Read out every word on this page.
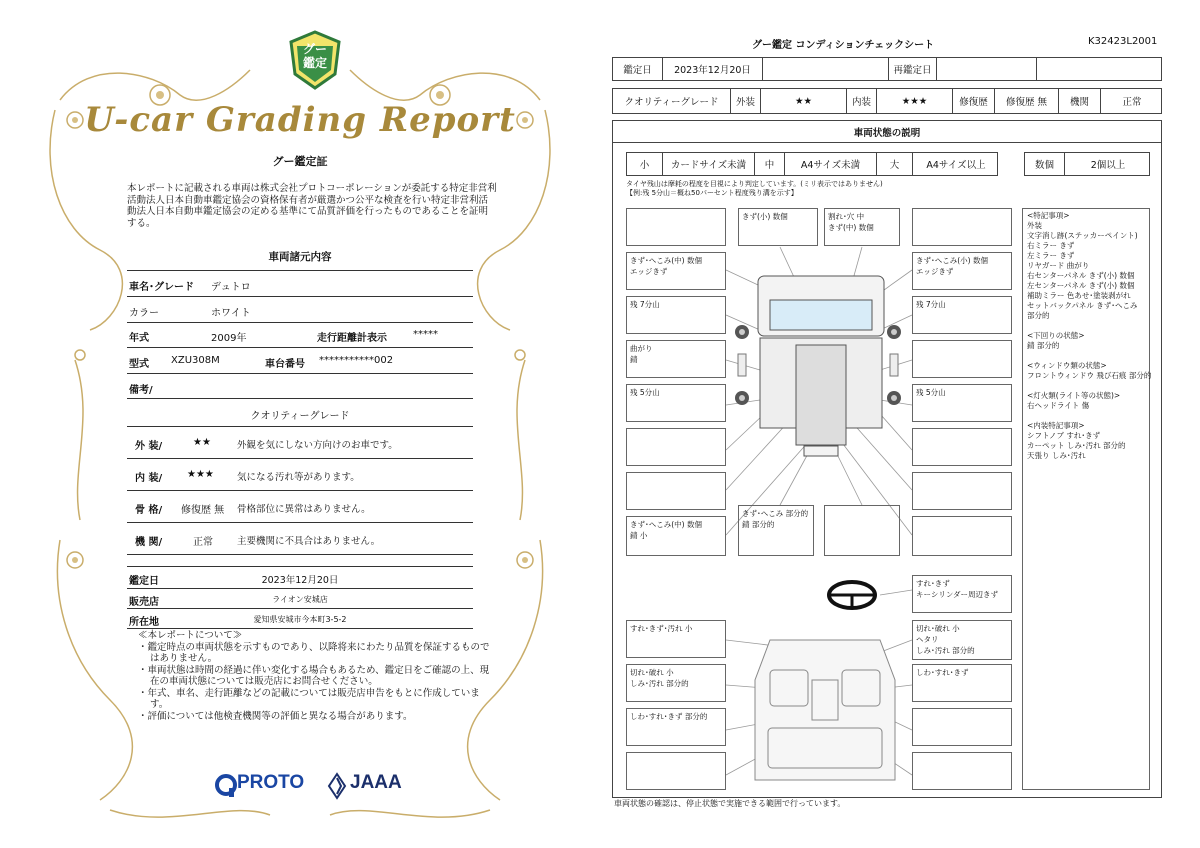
グー
鑑定
U-car Grading Report
グー鑑定証
本レポートに記載される車両は株式会社プロトコーポレーションが委託する特定非営利活動法人日本自動車鑑定協会の資格保有者が厳選かつ公平な検査を行い特定非営利活動法人日本自動車鑑定協会の定める基準にて品質評価を行ったものであることを証明する。
車両諸元内容
車名･グレード デュトロ
カラー	ホワイト
年式	2009年	走行距離計表示	*****
型式 XZU308M	車台番号 ***********002
備考/
クオリティーグレード
外 装/	★★	外観を気にしない方向けのお車です。
内 装/ ★★★ 気になる汚れ等があります。
骨 格/ 修復歴 無 骨格部位に異常はありません。
機 関/	正常	主要機関に不具合はありません。
鑑定日	2023年12月20日
販売店	ライオン安城店
所在地	愛知県安城市今本町3-5-2
≪本レポートについて≫
・鑑定時点の車両状態を示すものであり、以降将来にわたり品質を保証するものではありません。
・車両状態は時間の経過に伴い変化する場合もあるため、鑑定日をご確認の上、現在の車両状態については販売店にお問合せください。
・年式、車名、走行距離などの記載については販売店申告をもとに作成しています。
・評価については他検査機関等の評価と異なる場合があります。
PROTO JAAA
グー鑑定 コンディションチェックシート	K32423L2001
鑑定日	2023年12月20日	再鑑定日
クオリティーグレード	外装	★★	内装	★★★	修復歴	修復歴 無	機関	正常
車両状態の説明
小	カードサイズ未満	中	A4サイズ未満	大	A4サイズ以上	数個	2個以上
タイヤ残山は摩耗の程度を目視により判定しています。(ミリ表示ではありません)
【例:残 5分山＝概ね50パーセント程度残り溝を示す】
きず(小) 数個	割れ･穴 中
きず(中) 数個
きず･へこみ(中) 数個
エッジきず
きず･へこみ(小) 数個
エッジきず
残 7分山	残 7分山
曲がり
錆
残 5分山	残 5分山
きず･へこみ(中) 数個
錆 小
きず･へこみ 部分的
錆 部分的
すれ･きず
キーシリンダー周辺きず
すれ･きず･汚れ 小	切れ･破れ 小
ヘタリ
しみ･汚れ 部分的
切れ･破れ 小
しみ･汚れ 部分的
しわ･すれ･きず
しわ･すれ･きず 部分的
<特記事項>
外装
文字消し跡(ステッカーペイント)
右ミラー きず
左ミラー きず
リヤガード 曲がり
右センターパネル きず(小) 数個
左センターパネル きず(小) 数個
補助ミラー 色あせ･塗装剥がれ
セットバックパネル きず･へこみ
部分的
<下回りの状態>
錆 部分的
<ウィンドウ類の状態>
フロントウィンドウ 飛び石痕 部分的
<灯火類(ライト等の状態)>
右ヘッドライト 傷
<内装特記事項>
シフトノブ すれ･きず
カーペット しみ･汚れ 部分的
天張り しみ･汚れ
車両状態の確認は、停止状態で実施できる範囲で行っています。
